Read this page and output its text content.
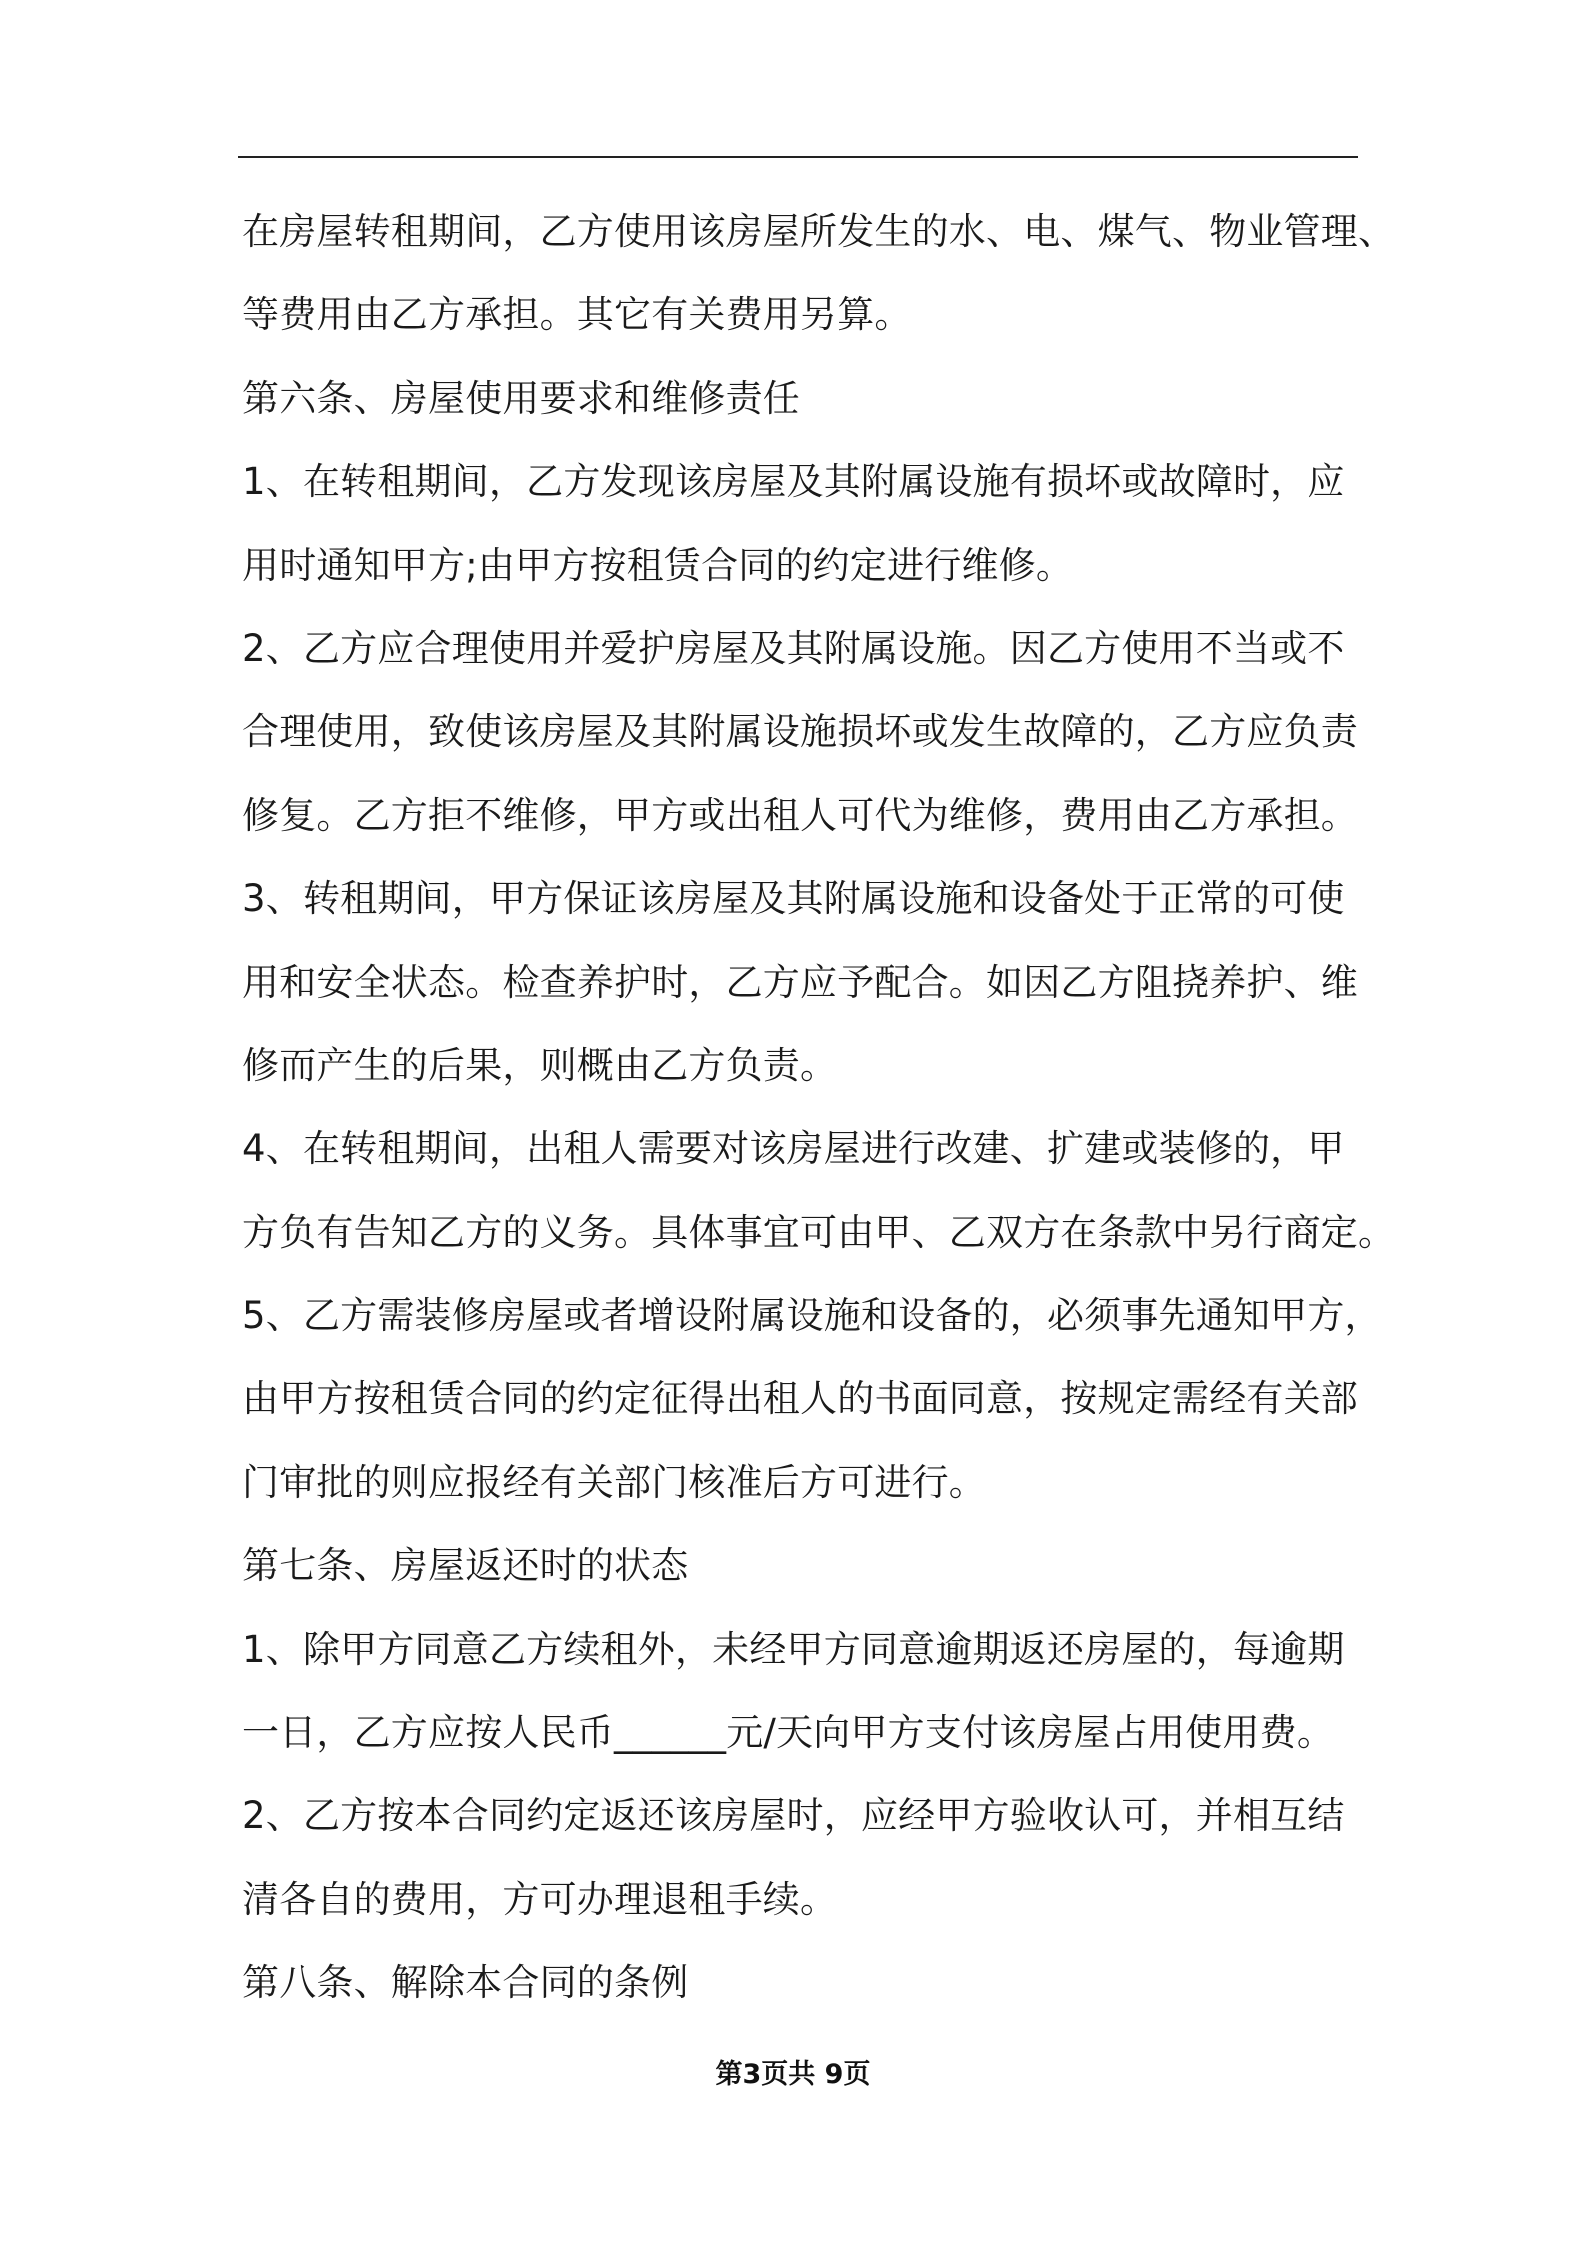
在房屋转租期间，乙方使用该房屋所发生的水、电、煤气、物业管理、
等费用由乙方承担。其它有关费用另算。
第六条、房屋使用要求和维修责任
1、在转租期间，乙方发现该房屋及其附属设施有损坏或故障时，应
用时通知甲方;由甲方按租赁合同的约定进行维修。
2、乙方应合理使用并爱护房屋及其附属设施。因乙方使用不当或不
合理使用，致使该房屋及其附属设施损坏或发生故障的，乙方应负责
修复。乙方拒不维修，甲方或出租人可代为维修，费用由乙方承担。
3、转租期间，甲方保证该房屋及其附属设施和设备处于正常的可使
用和安全状态。检查养护时，乙方应予配合。如因乙方阻挠养护、维
修而产生的后果，则概由乙方负责。
4、在转租期间，出租人需要对该房屋进行改建、扩建或装修的，甲
方负有告知乙方的义务。具体事宜可由甲、乙双方在条款中另行商定。
5、乙方需装修房屋或者增设附属设施和设备的，必须事先通知甲方，
由甲方按租赁合同的约定征得出租人的书面同意，按规定需经有关部
门审批的则应报经有关部门核准后方可进行。
第七条、房屋返还时的状态
1、除甲方同意乙方续租外，未经甲方同意逾期返还房屋的，每逾期
一日，乙方应按人民币______元/天向甲方支付该房屋占用使用费。
2、乙方按本合同约定返还该房屋时，应经甲方验收认可，并相互结
清各自的费用，方可办理退租手续。
第八条、解除本合同的条例
第3页共 9页
